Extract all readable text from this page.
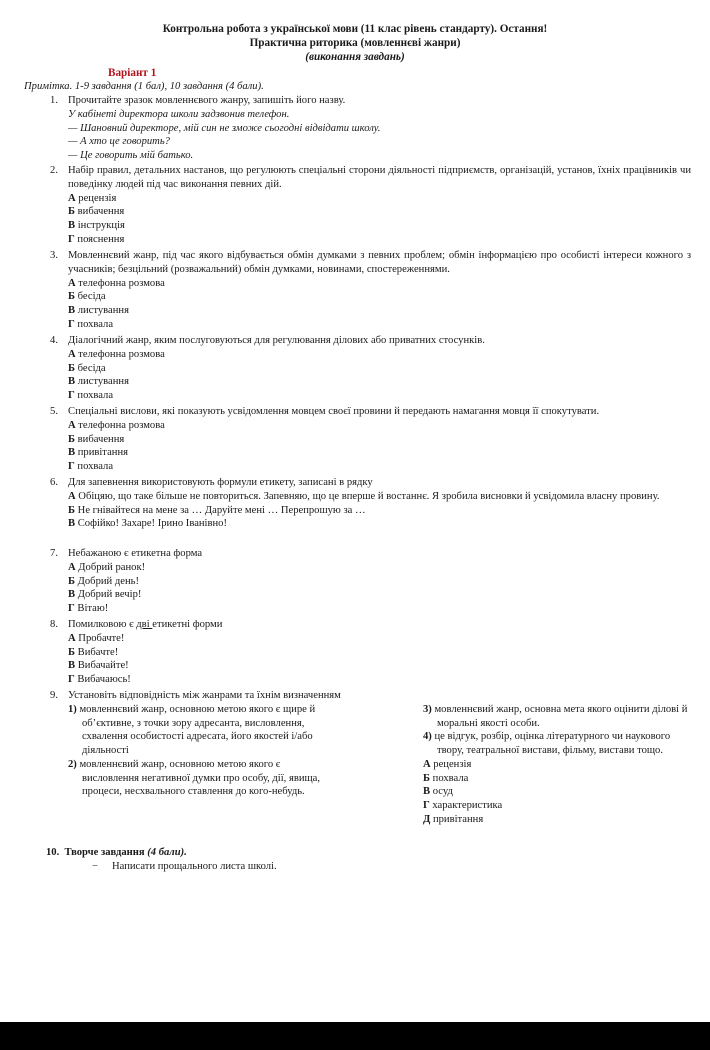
Контрольна робота з української мови (11 клас рівень стандарту). Остання!
Практична риторика (мовленнєві жанри)
(виконання завдань)
Варіант 1
Примітка. 1-9 завдання (1 бал), 10 завдання (4 бали).
1. Прочитайте зразок мовленнєвого жанру, запишіть його назву.
У кабінеті директора школи задзвонив телефон.
— Шановний директоре, мій син не зможе сьогодні відвідати школу.
— А хто це говорить?
— Це говорить мій батько.
2. Набір правил, детальних настанов, що регулюють спеціальні сторони діяльності підприємств, організацій, установ, їхніх працівників чи поведінку людей під час виконання певних дій.
А рецензія
Б вибачення
В інструкція
Г пояснення
3. Мовленнєвий жанр, під час якого відбувається обмін думками з певних проблем; обмін інформацією про особисті інтереси кожного з учасників; безцільний (розважальний) обмін думками, новинами, спостереженнями.
А телефонна розмова
Б бесіда
В листування
Г похвала
4. Діалогічний жанр, яким послуговуються для регулювання ділових або приватних стосунків.
А телефонна розмова
Б бесіда
В листування
Г похвала
5. Спеціальні вислови, які показують усвідомлення мовцем своєї провини й передають намагання мовця її спокутувати.
А телефонна розмова
Б вибачення
В привітання
Г похвала
6. Для запевнення використовують формули етикету, записані в рядку
А Обіцяю, що таке більше не повториться. Запевняю, що це вперше й востаннє. Я зробила висновки й усвідомила власну провину.
Б Не гнівайтеся на мене за … Даруйте мені … Перепрошую за …
В Софійко! Захаре! Ірино Іванівно!
7. Небажаною є етикетна форма
А Добрий ранок!
Б Добрий день!
В Добрий вечір!
Г Вітаю!
8. Помилковою є дві етикетні форми
А Пробачте!
Б Вибачте!
В Вибачайте!
Г Вибачаюсь!
9. Установіть відповідність між жанрами та їхнім визначенням
1) мовленнєвий жанр, основною метою якого є щире й об’єктивне, з точки зору адресанта, висловлення, схвалення особистості адресата, його якостей і/або діяльності
2) мовленнєвий жанр, основною метою якого є висловлення негативної думки про особу, дії, явища, процеси, несхвального ставлення до кого-небудь.
3) мовленнєвий жанр, основна мета якого оцінити ділові й моральні якості особи.
4) це відгук, розбір, оцінка літературного чи наукового твору, театральної вистави, фільму, вистави тощо.
А рецензія
Б похвала
В осуд
Г характеристика
Д привітання
10. Творче завдання (4 бали).
− Написати прощального листа школі.
